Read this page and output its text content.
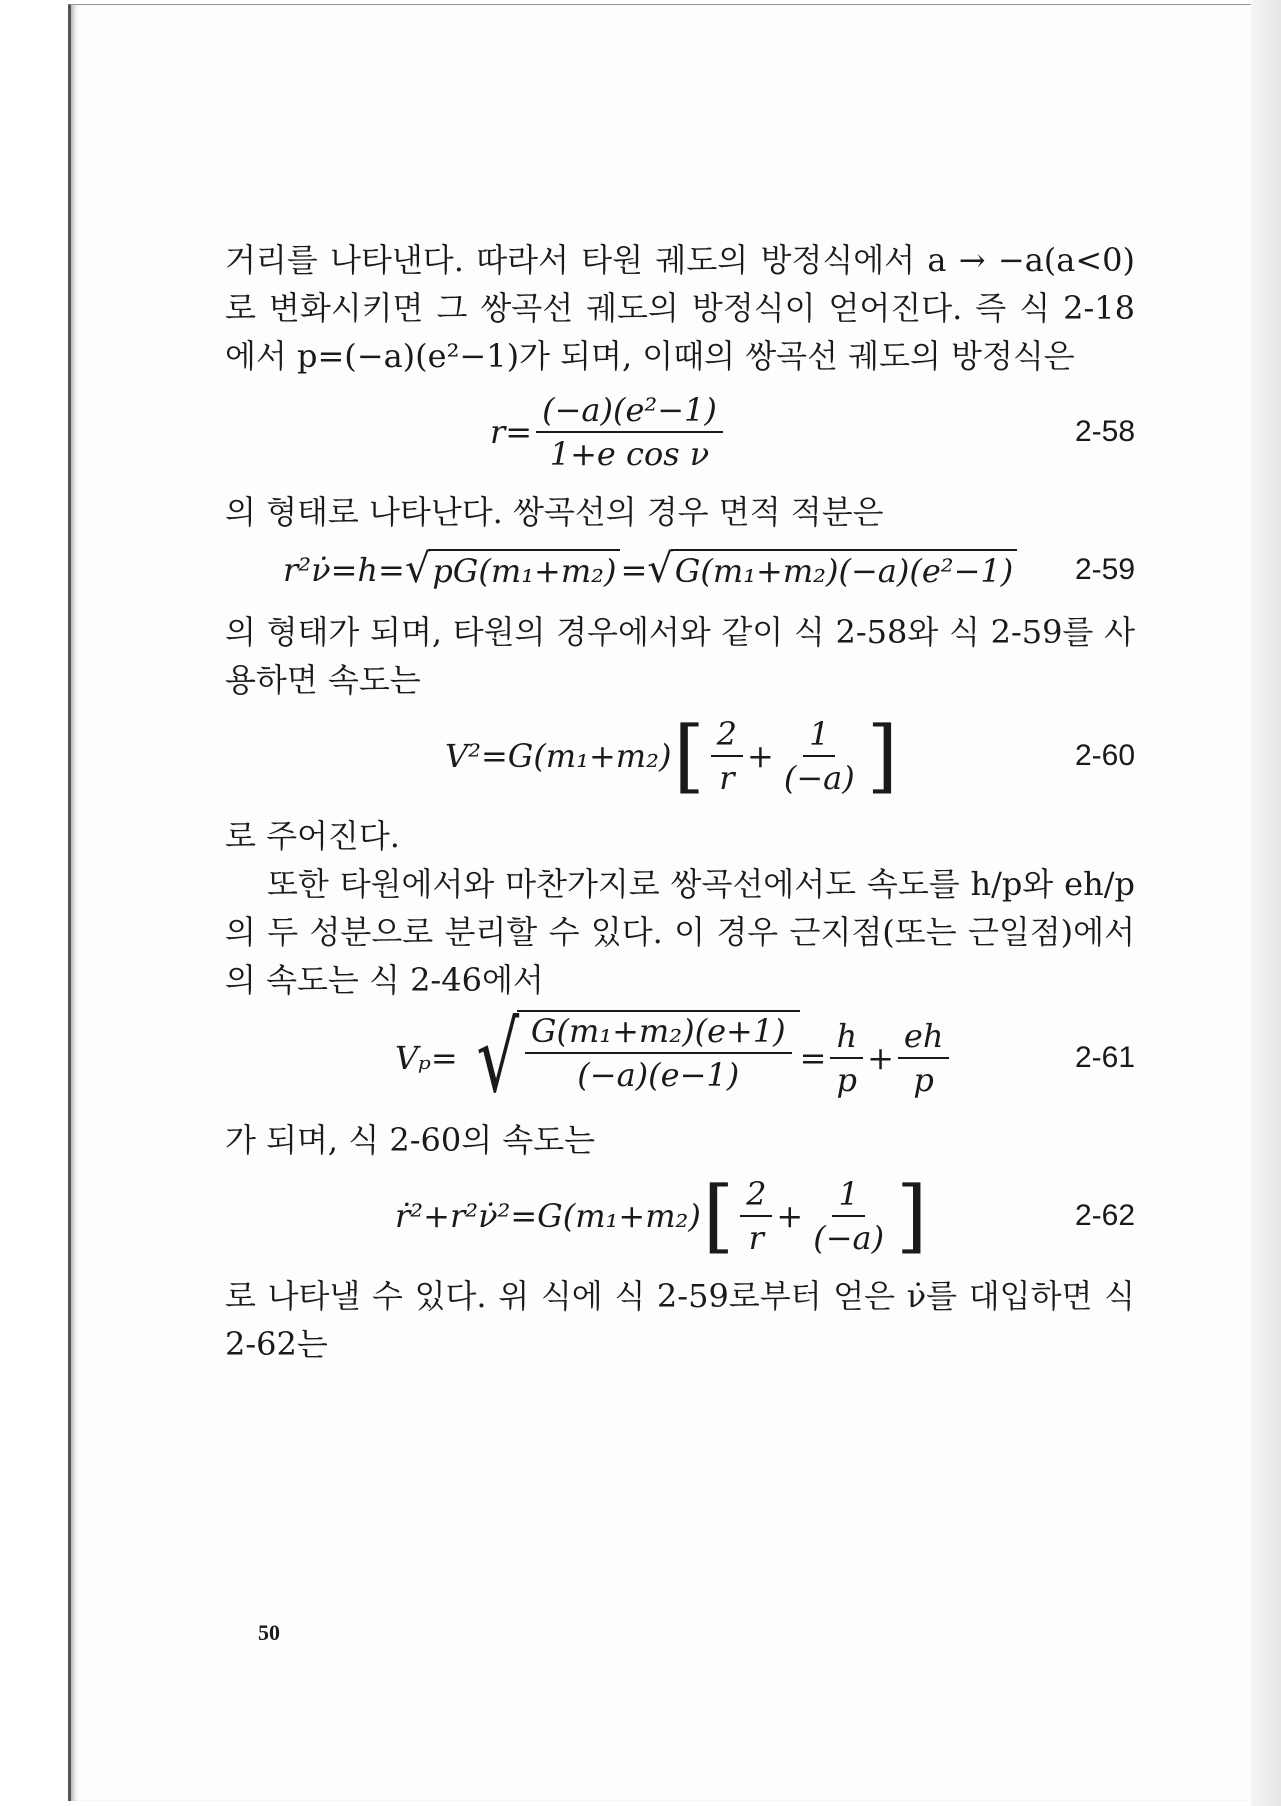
거리를 나타낸다. 따라서 타원 궤도의 방정식에서 a → −a(a<0)로 변화시키면 그 쌍곡선 궤도의 방정식이 얻어진다. 즉 식 2-18에서 p=(−a)(e²−1)가 되며, 이때의 쌍곡선 궤도의 방정식은

$r= \frac{\text{(−a)(e²−1)}}{\text{1+e cos ν}}$	2-58

의 형태로 나타난다. 쌍곡선의 경우 면적 적분은

r²ν̇=h= √ pG(m₁+m₂) = √ G(m₁+m₂)(−a)(e²−1) 2-59

의 형태가 되며, 타원의 경우에서와 같이 식 2-58와 식 2-59를 사용하면 속도는

V²=G(m₁+m₂) [ $\frac{2}{r} + \frac{1}{(-a)}$ ]	2-60

로 주어진다.

또한 타원에서와 마찬가지로 쌍곡선에서도 속도를 h/p와 eh/p의 두 성분으로 분리할 수 있다. 이 경우 근지점(또는 근일점)에서의 속도는 식 2-46에서

Vₚ= √ $\frac{\text{G(m₁+m₂)(e+1)}}{(-a)(e-1)} = \frac{h}{p} + \frac{eh}{p}$	2-61

가 되며, 식 2-60의 속도는

ṙ²+r²ν̇²=G(m₁+m₂) [ $\frac{2}{r} + \frac{1}{(-a)}$ ]	2-62

로 나타낼 수 있다. 위 식에 식 2-59로부터 얻은 ν̇를 대입하면 식 2-62는

50
